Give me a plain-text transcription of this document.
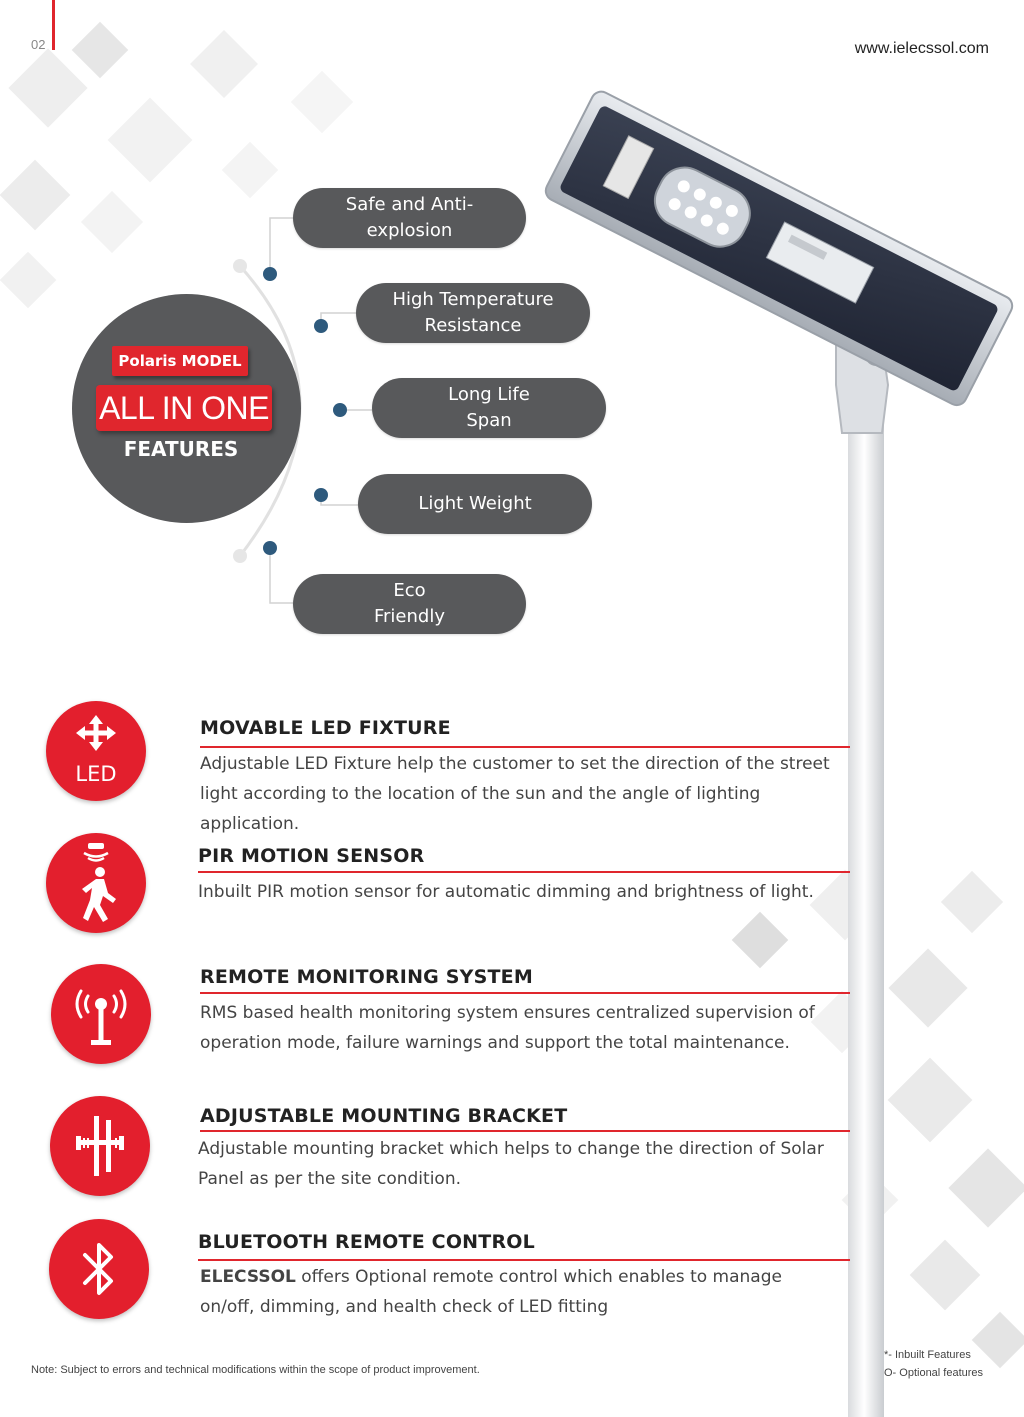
02	www.ielecssol.com
Polaris MODEL
ALL IN ONE
FEATURES
Safe and Anti-explosion
High Temperature Resistance
Long Life Span
Light Weight
Eco Friendly
LED
MOVABLE LED FIXTURE
Adjustable LED Fixture help the customer to set the direction of the street light according to the location of the sun and the angle of lighting application.
PIR MOTION SENSOR
Inbuilt PIR motion sensor for automatic dimming and brightness of light.
REMOTE MONITORING SYSTEM
RMS based health monitoring system ensures centralized supervision of operation mode, failure warnings and support the total maintenance.
ADJUSTABLE MOUNTING BRACKET
Adjustable mounting bracket which helps to change the direction of Solar Panel as per the site condition.
BLUETOOTH REMOTE CONTROL
ELECSSOL offers Optional remote control which enables to manage on/off, dimming, and health check of LED fitting
Note: Subject to errors and technical modifications within the scope of product improvement.
*- Inbuilt Features
O- Optional features
